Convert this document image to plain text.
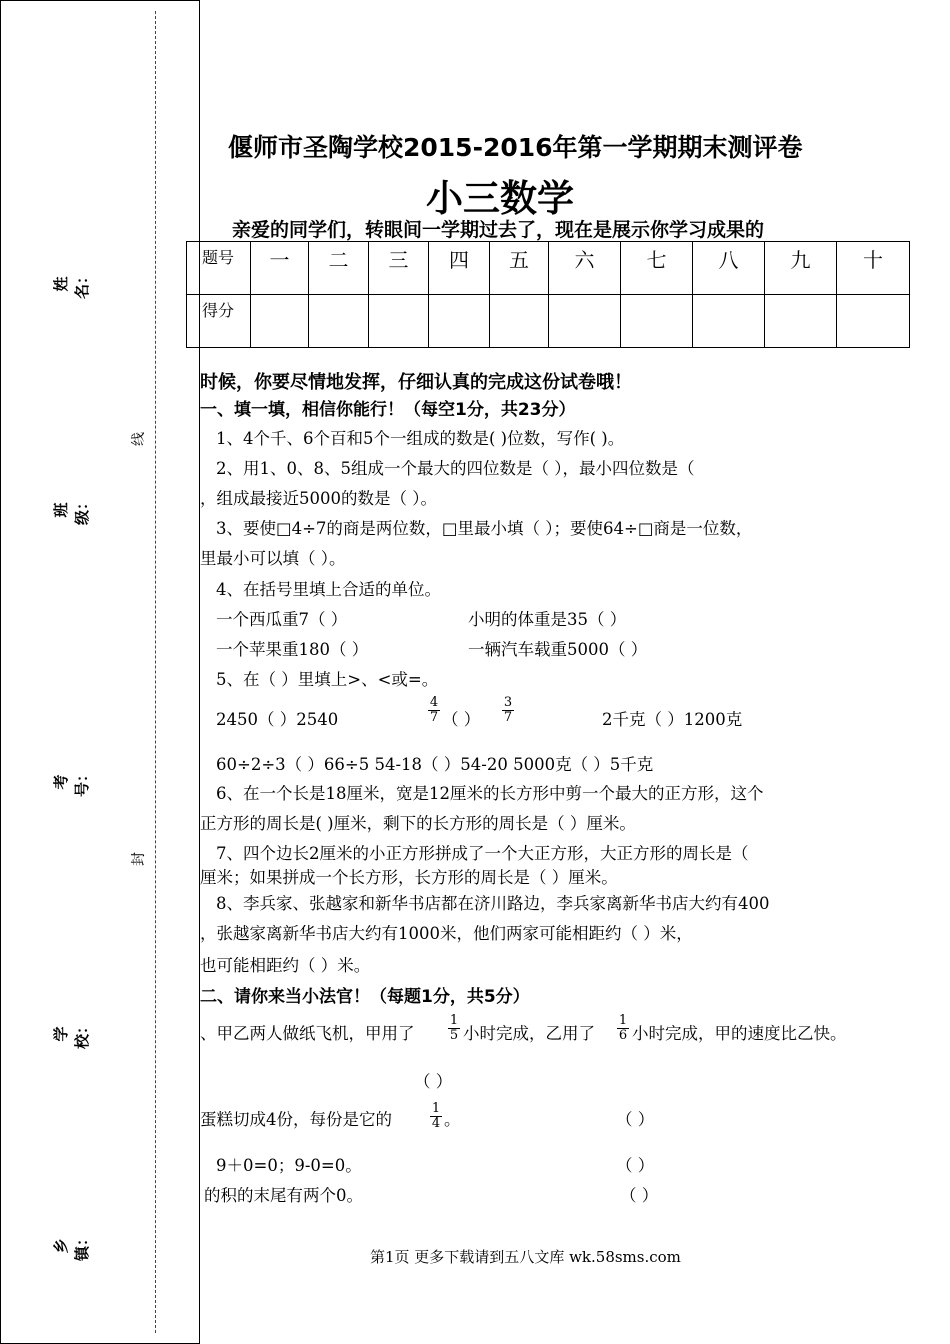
姓名：
班级：
考号：
学校：
乡镇：
线
封
偃师市圣陶学校2015-2016年第一学期期末测评卷
小三数学
亲爱的同学们，转眼间一学期过去了，现在是展示你学习成果的
题号	一	二	三	四	五	六	七	八	九	十
得分										
时候，你要尽情地发挥，仔细认真的完成这份试卷哦！
一、填一填，相信你能行！（每空1分，共23分）
1、4个千、6个百和5个一组成的数是( )位数，写作( )。
2、用1、0、8、5组成一个最大的四位数是（ ），最小四位数是（
，组成最接近5000的数是（ ）。
3、要使□4÷7的商是两位数，□里最小填（ ）；要使64÷□商是一位数，
里最小可以填（ ）。
4、在括号里填上合适的单位。
一个西瓜重7（ ）	小明的体重是35（ ）
一个苹果重180（ ）	一辆汽车载重5000（ ）
5、在（ ）里填上>、<或=。
2450（ ）2540	$\frac{4}{7}$ （ ） $\frac{3}{7}$	2千克（ ）1200克
60÷2÷3（ ）66÷5 54-18（ ）54-20 5000克（ ）5千克
6、在一个长是18厘米，宽是12厘米的长方形中剪一个最大的正方形，这个
正方形的周长是( )厘米，剩下的长方形的周长是（ ）厘米。
7、四个边长2厘米的小正方形拼成了一个大正方形，大正方形的周长是（
厘米；如果拼成一个长方形，长方形的周长是（ ）厘米。
8、李兵家、张越家和新华书店都在济川路边，李兵家离新华书店大约有400
，张越家离新华书店大约有1000米，他们两家可能相距约（ ）米，
也可能相距约（ ）米。
二、请你来当小法官！（每题1分，共5分）
、甲乙两人做纸飞机，甲用了	$\frac{1}{5}$ 小时完成，乙用了 $\frac{1}{6}$ 小时完成，甲的速度比乙快。
（ ）
蛋糕切成4份，每份是它的	$\frac{1}{4}$ 。	（ ）
9＋0=0；9-0=0。	（ ）
的积的末尾有两个0。	（ ）
第1页 更多下载请到五八文库 wk.58sms.com
